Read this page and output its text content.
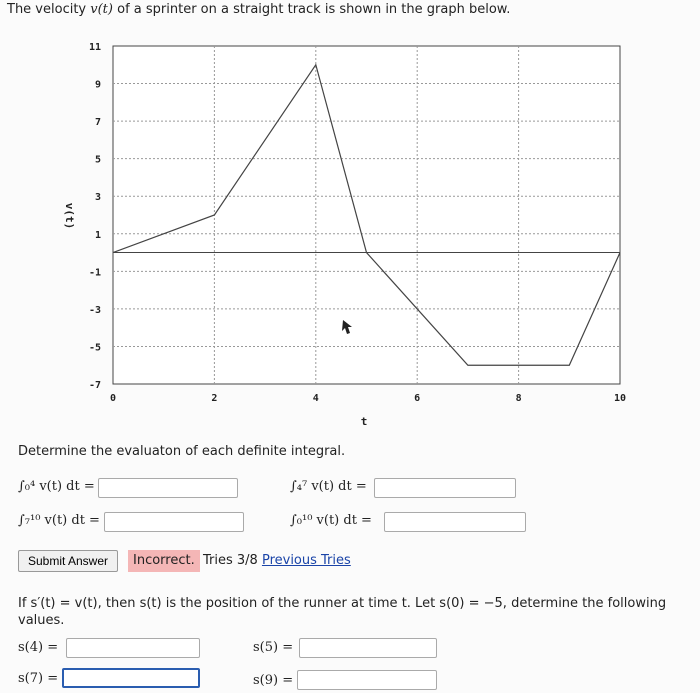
The velocity v(t) of a sprinter on a straight track is shown in the graph below.
11
9
7
5
3
1
-1
-3
-5
-7
0	2	4	6	8	10
t
v(t)
Determine the evaluaton of each definite integral.
∫₀⁴ v(t) dt =	∫₄⁷ v(t) dt =
∫₇¹⁰ v(t) dt =	∫₀¹⁰ v(t) dt =
Submit Answer	Incorrect. Tries 3/8 Previous Tries
If s′(t) = v(t), then s(t) is the position of the runner at time t. Let s(0) = −5, determine the following values.
s(4) =	s(5) =
s(7) =	s(9) =
